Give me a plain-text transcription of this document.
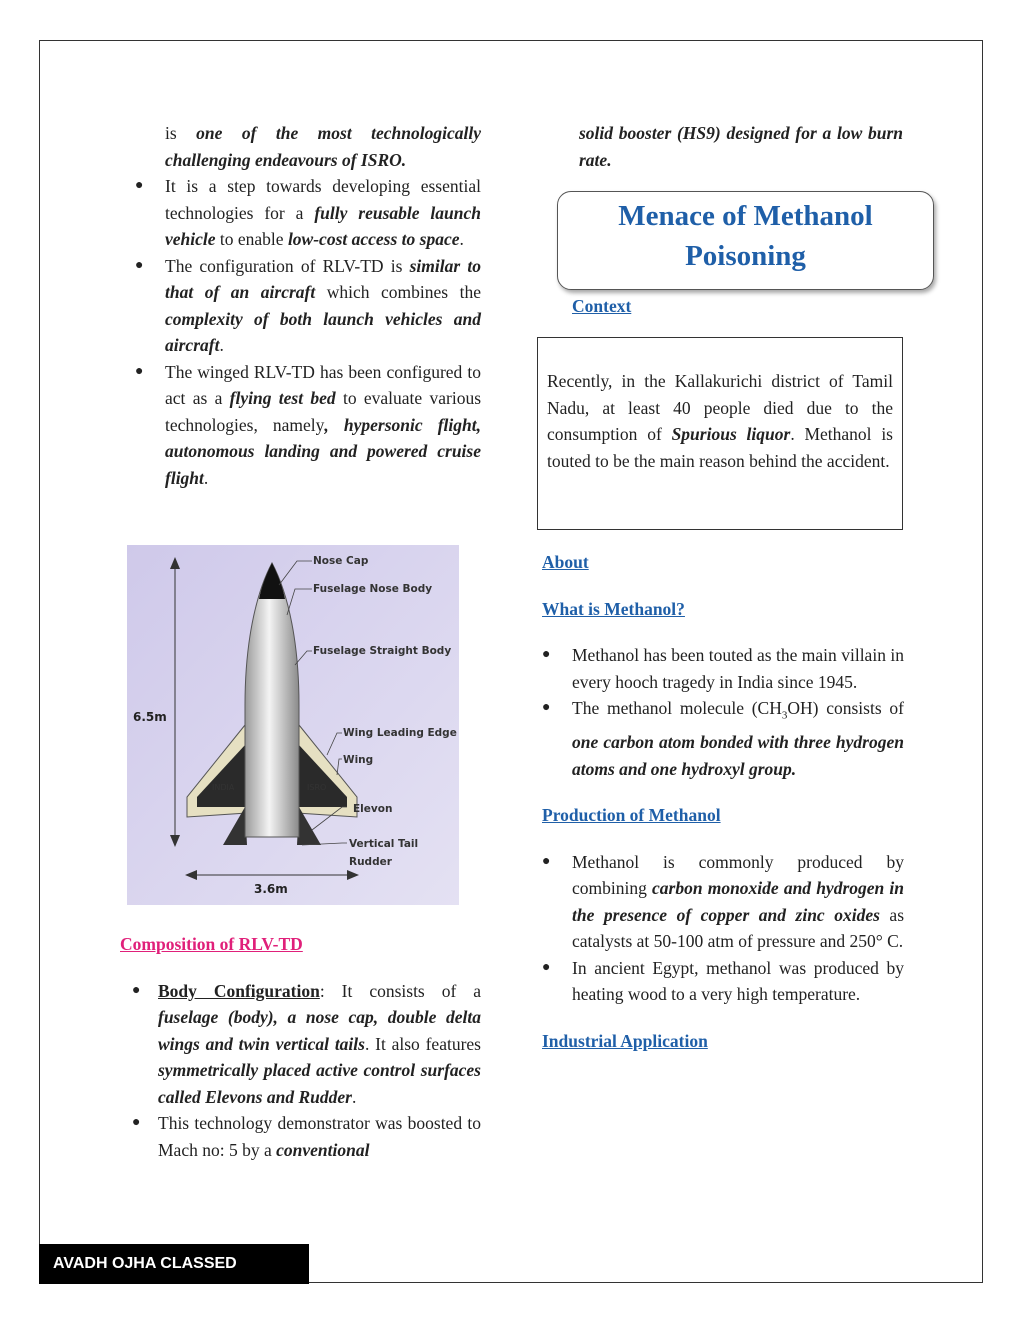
is one of the most technologically challenging endeavours of ISRO.
● It is a step towards developing essential technologies for a fully reusable launch vehicle to enable low-cost access to space.
● The configuration of RLV-TD is similar to that of an aircraft which combines the complexity of both launch vehicles and aircraft.
● The winged RLV-TD has been configured to act as a flying test bed to evaluate various technologies, namely, hypersonic flight, autonomous landing and powered cruise flight.
INDIA	ISRO
6.5m
3.6m
Nose Cap
Fuselage Nose Body
Fuselage Straight Body
Wing Leading Edge
Wing
Elevon
Vertical Tail
Rudder
Composition of RLV-TD
● Body Configuration: It consists of a fuselage (body), a nose cap, double delta wings and twin vertical tails. It also features symmetrically placed active control surfaces called Elevons and Rudder.
● This technology demonstrator was boosted to Mach no: 5 by a conventional
solid booster (HS9) designed for a low burn rate.
Menace of Methanol
Poisoning
Context
Recently, in the Kallakurichi district of Tamil Nadu, at least 40 people died due to the consumption of Spurious liquor. Methanol is touted to be the main reason behind the accident.
About
What is Methanol?
● Methanol has been touted as the main villain in every hooch tragedy in India since 1945.
● The methanol molecule $(CH_3OH)$ consists of one carbon atom bonded with three hydrogen atoms and one hydroxyl group.
Production of Methanol
● Methanol is commonly produced by combining carbon monoxide and hydrogen in the presence of copper and zinc oxides as catalysts at 50-100 atm of pressure and 250° C.
● In ancient Egypt, methanol was produced by heating wood to a very high temperature.
Industrial Application
AVADH OJHA CLASSED
